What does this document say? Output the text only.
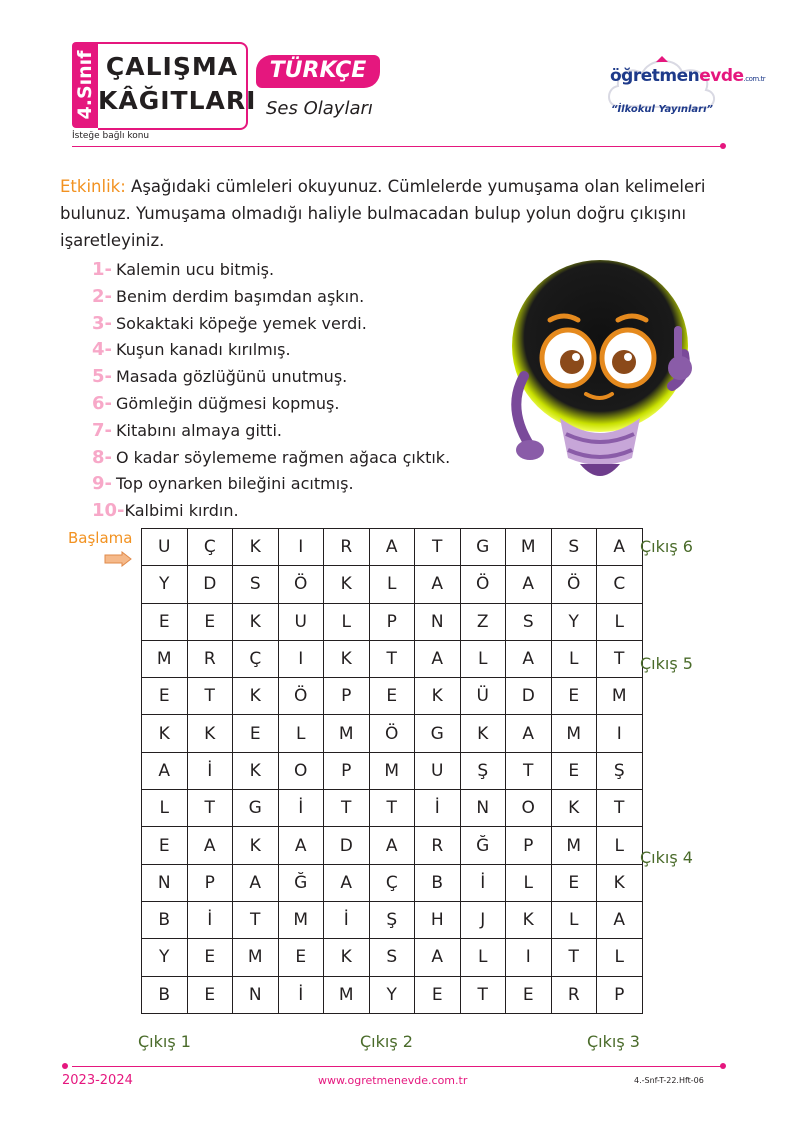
4.Sınıf ÇALIŞMA
KÂĞITLARI
TÜRKÇE
Ses Olayları
İsteğe bağlı konu
öğretmenevde.com.tr
“İlkokul Yayınları”
Etkinlik: Aşağıdaki cümleleri okuyunuz. Cümlelerde yumuşama olan kelimeleri bulunuz. Yumuşama olmadığı haliyle bulmacadan bulup yolun doğru çıkışını işaretleyiniz.
1- Kalemin ucu bitmiş.
2- Benim derdim başımdan aşkın.
3- Sokaktaki köpeğe yemek verdi.
4- Kuşun kanadı kırılmış.
5- Masada gözlüğünü unutmuş.
6- Gömleğin düğmesi kopmuş.
7- Kitabını almaya gitti.
8- O kadar söylememe rağmen ağaca çıktık.
9- Top oynarken bileğini acıtmış.
10-Kalbimi kırdın.
Başlama U	Ç	K	I	R	A	T	G	M	S	A
Y	D	S	Ö	K	L	A	Ö	A	Ö	C
E	E	K	U	L	P	N	Z	S	Y	L
M	R	Ç	I	K	T	A	L	A	L	T
E	T	K	Ö	P	E	K	Ü	D	E	M
K	K	E	L	M	Ö	G	K	A	M	I
A	İ	K	O	P	M	U	Ş	T	E	Ş
L	T	G	İ	T	T	İ	N	O	K	T
E	A	K	A	D	A	R	Ğ	P	M	L
N	P	A	Ğ	A	Ç	B	İ	L	E	K
B	İ	T	M	İ	Ş	H	J	K	L	A
Y	E	M	E	K	S	A	L	I	T	L
B	E	N	İ	M	Y	E	T	E	R	P
Çıkış 6
Çıkış 5
Çıkış 4
Çıkış 1	Çıkış 2	Çıkış 3
2023-2024	www.ogretmenevde.com.tr	4.-Snf-T-22.Hft-06
